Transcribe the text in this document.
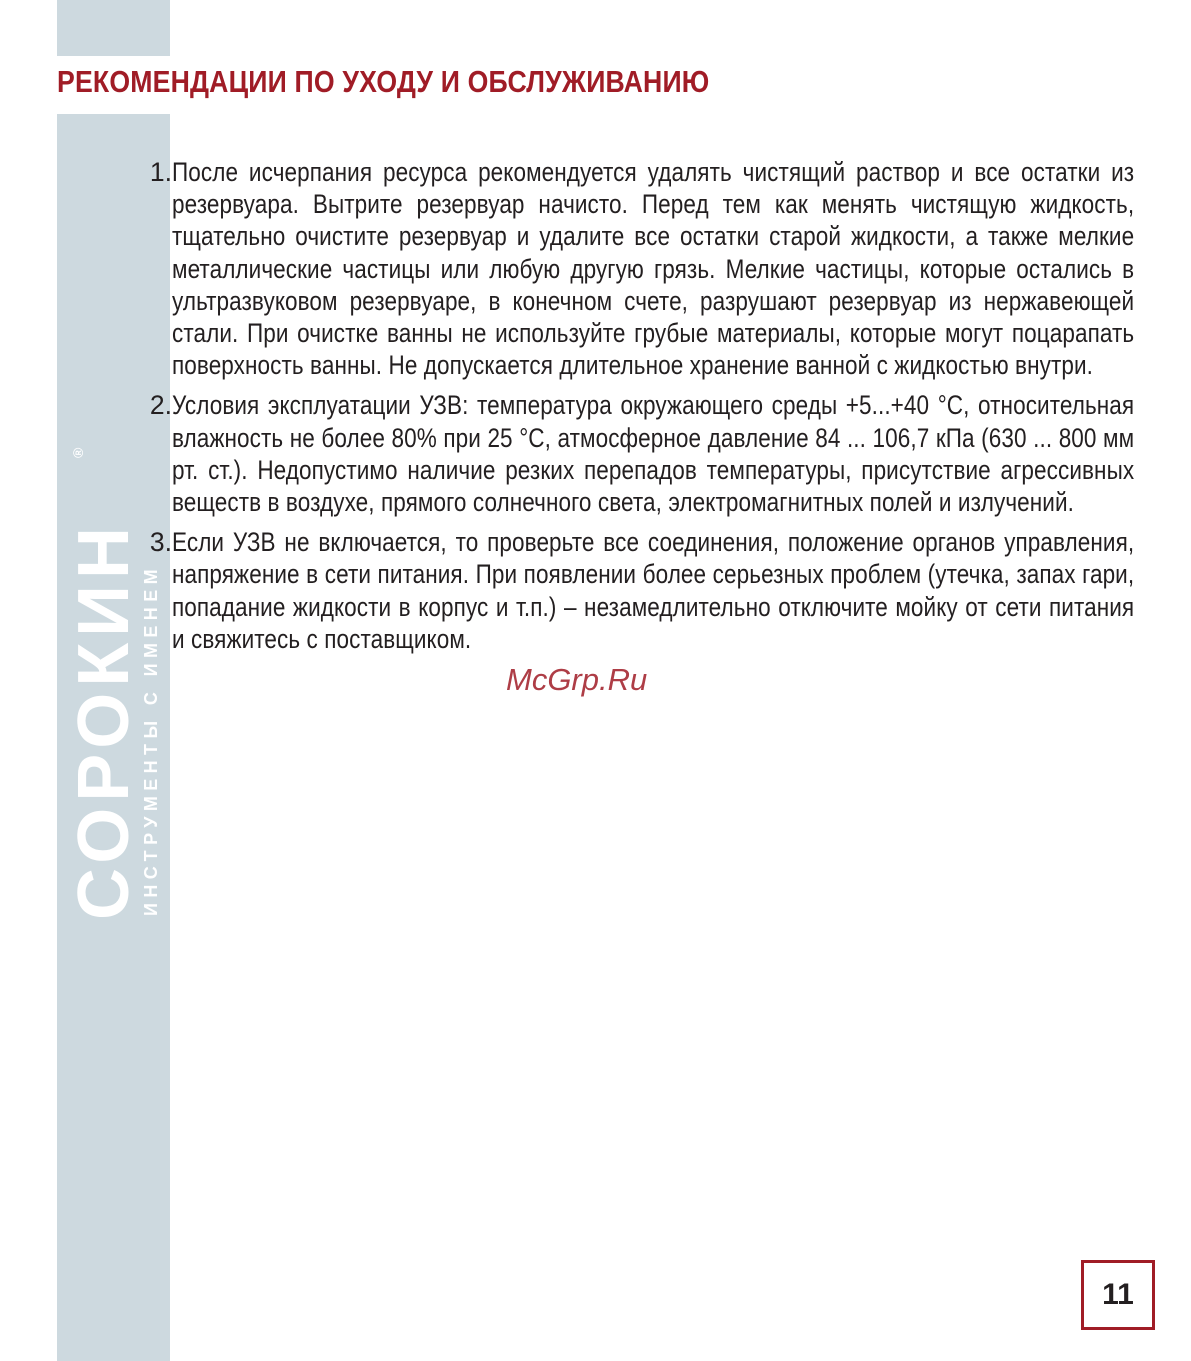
СОРОКИН
®
ИНСТРУМЕНТЫ С ИМЕНЕМ
РЕКОМЕНДАЦИИ ПО УХОДУ И ОБСЛУЖИВАНИЮ
1. После исчерпания ресурса рекомендуется удалять чистящий раствор и все остатки из резервуара. Вытрите резервуар начисто. Перед тем как менять чистящую жидкость, тщательно очистите резервуар и удалите все остатки старой жидкости, а также мелкие металлические частицы или любую другую грязь. Мелкие частицы, которые остались в ультразвуковом резервуаре, в конечном счете, разрушают резервуар из нержавеющей стали. При очистке ванны не используйте грубые материалы, которые могут поцарапать поверхность ванны. Не допускается длительное хранение ванной с жидкостью внутри.
2. Условия эксплуатации УЗВ: температура окружающего среды +5...+40 °С, относительная влажность не более 80% при 25 °С, атмосферное давление 84 ... 106,7 кПа (630 ... 800 мм рт. ст.). Недопустимо наличие резких перепадов температуры, присутствие агрессивных веществ в воздухе, прямого солнечного света, электромагнитных полей и излучений.
3. Если УЗВ не включается, то проверьте все соединения, положение органов управления, напряжение в сети питания. При появлении более серьезных проблем (утечка, запах гари, попадание жидкости в корпус и т.п.) – незамедлительно отключите мойку от сети питания и свяжитесь с поставщиком.
McGrp.Ru
11
